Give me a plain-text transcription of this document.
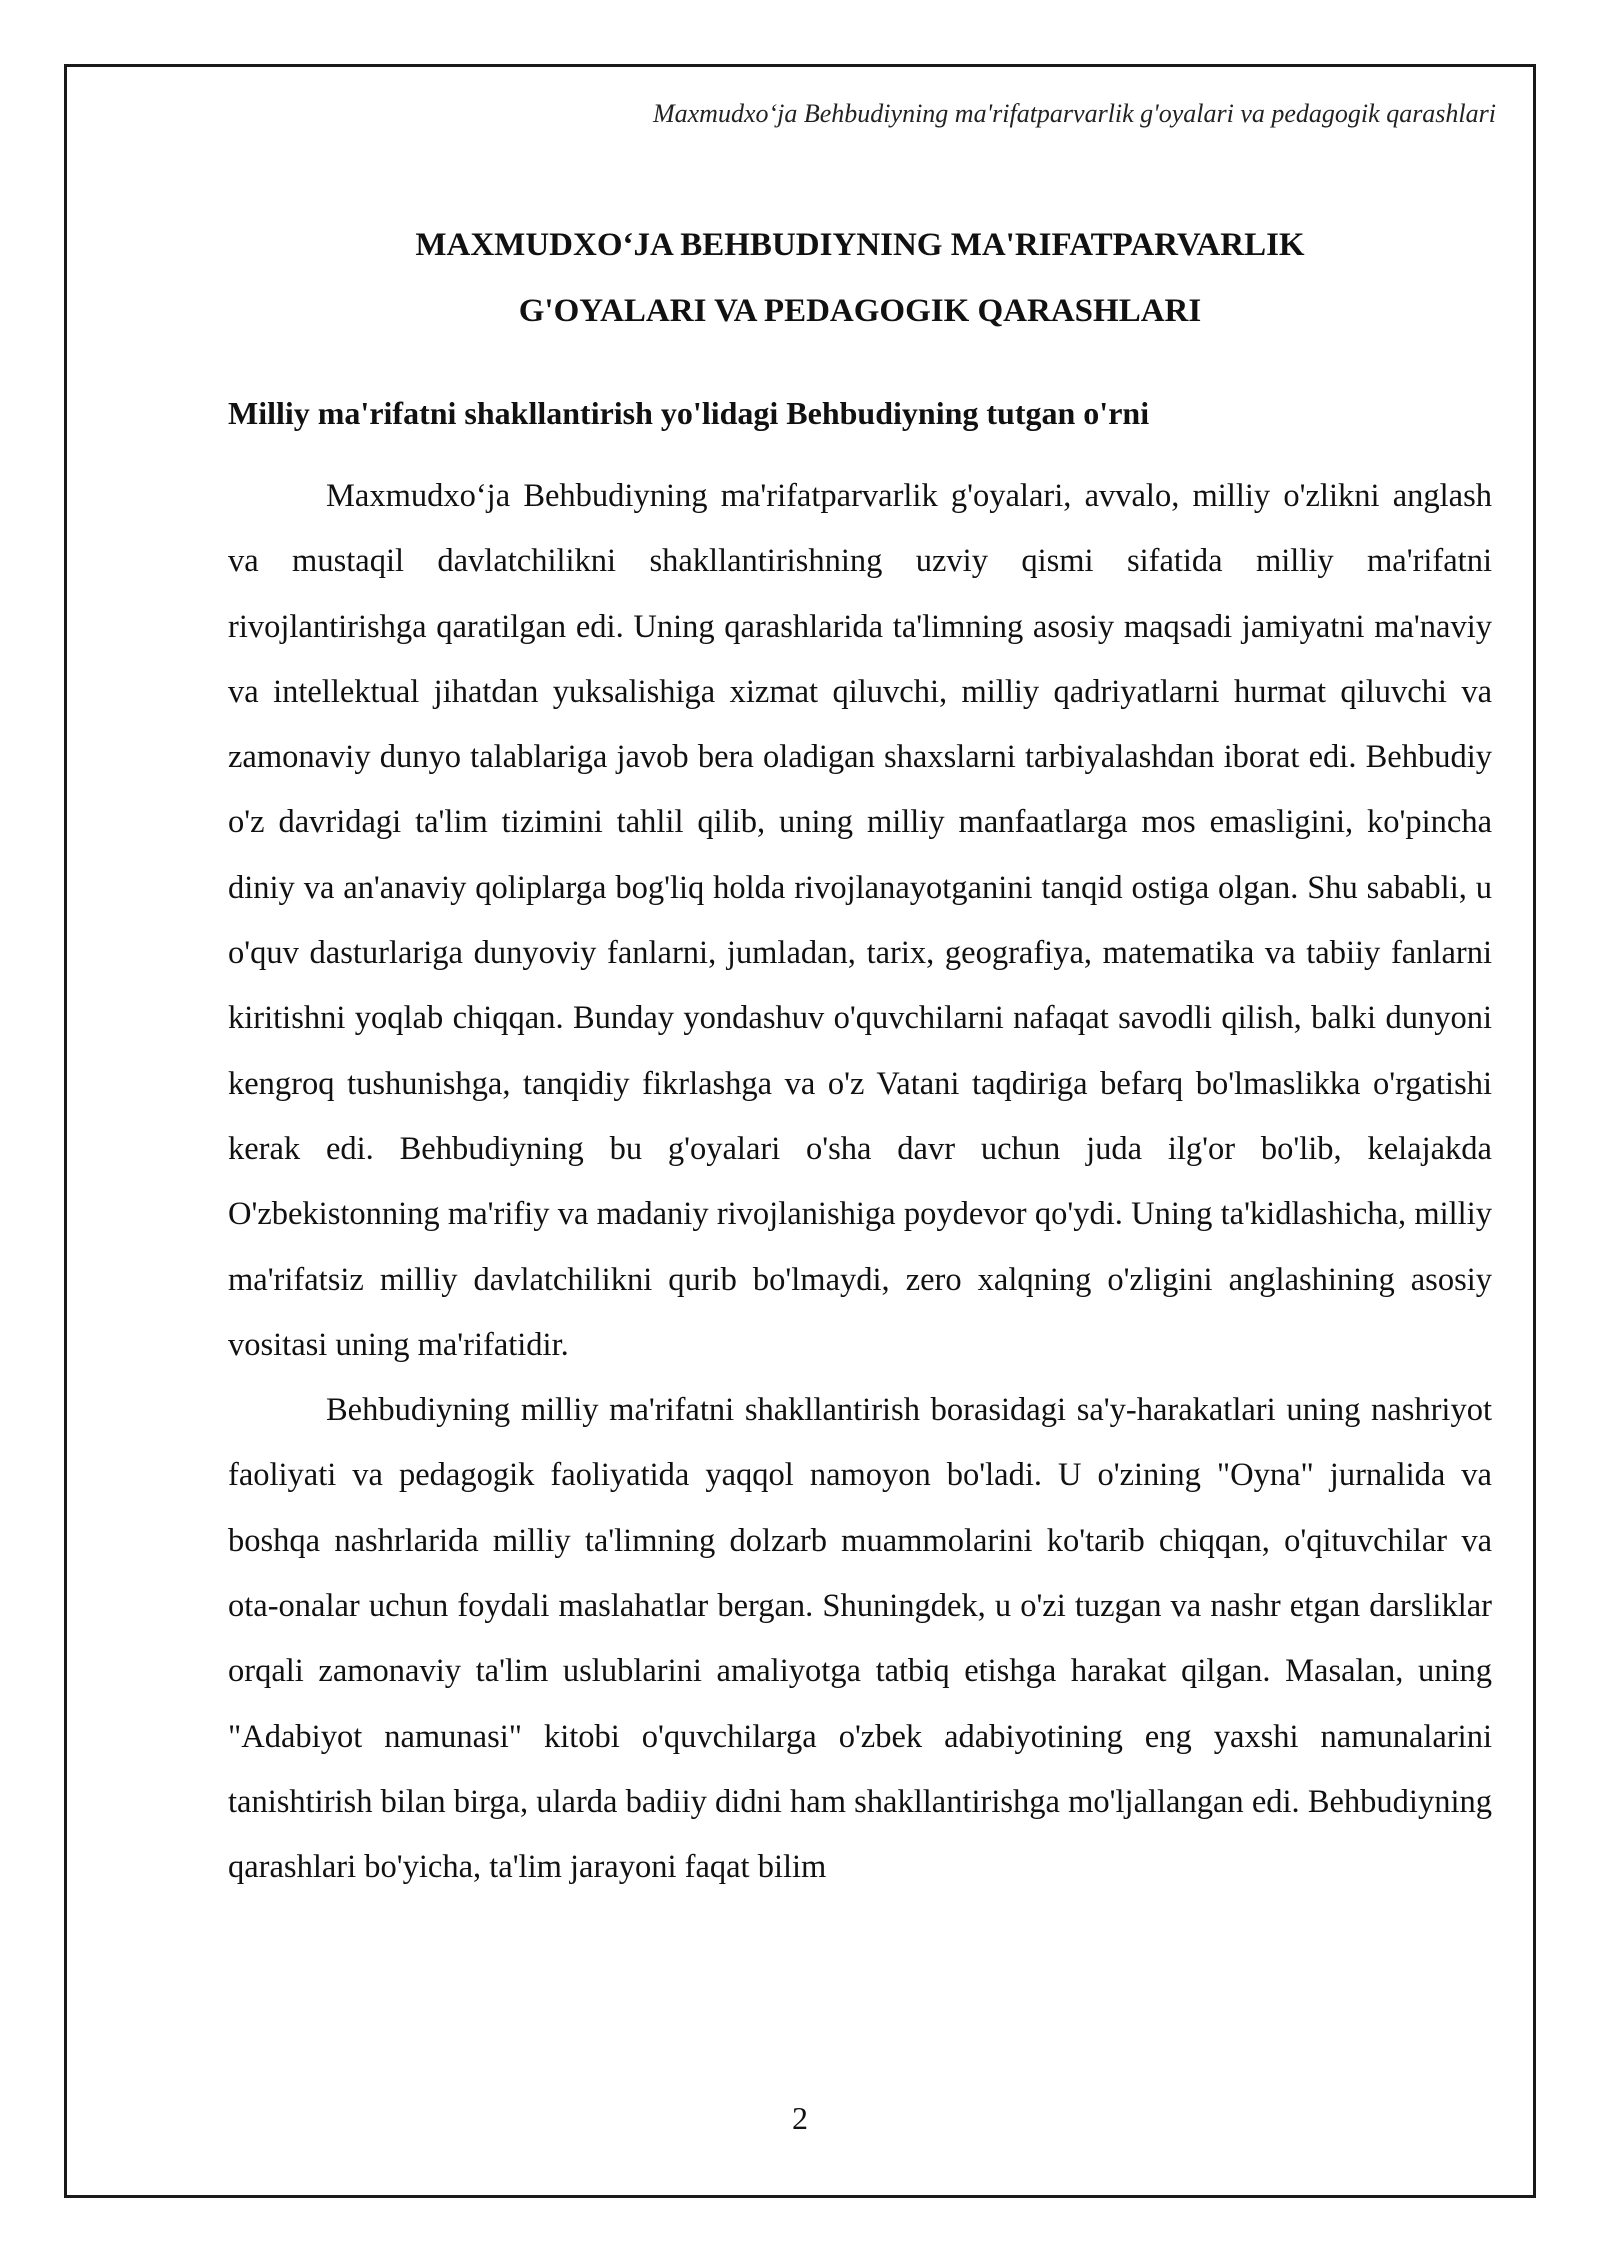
Maxmudxo‘ja Behbudiyning ma'rifatparvarlik g'oyalari va pedagogik qarashlari
MAXMUDXO‘JA BEHBUDIYNING MA'RIFATPARVARLIK
G'OYALARI VA PEDAGOGIK QARASHLARI
Milliy ma'rifatni shakllantirish yo'lidagi Behbudiyning tutgan o'rni

Maxmudxo‘ja Behbudiyning ma'rifatparvarlik g'oyalari, avvalo, milliy o'zlikni anglash va mustaqil davlatchilikni shakllantirishning uzviy qismi sifatida milliy ma'rifatni rivojlantirishga qaratilgan edi. Uning qarashlarida ta'limning asosiy maqsadi jamiyatni ma'naviy va intellektual jihatdan yuksalishiga xizmat qiluvchi, milliy qadriyatlarni hurmat qiluvchi va zamonaviy dunyo talablariga javob bera oladigan shaxslarni tarbiyalashdan iborat edi. Behbudiy o'z davridagi ta'lim tizimini tahlil qilib, uning milliy manfaatlarga mos emasligini, ko'pincha diniy va an'anaviy qoliplarga bog'liq holda rivojlanayotganini tanqid ostiga olgan. Shu sababli, u o'quv dasturlariga dunyoviy fanlarni, jumladan, tarix, geografiya, matematika va tabiiy fanlarni kiritishni yoqlab chiqqan. Bunday yondashuv o'quvchilarni nafaqat savodli qilish, balki dunyoni kengroq tushunishga, tanqidiy fikrlashga va o'z Vatani taqdiriga befarq bo'lmaslikka o'rgatishi kerak edi. Behbudiyning bu g'oyalari o'sha davr uchun juda ilg'or bo'lib, kelajakda O'zbekistonning ma'rifiy va madaniy rivojlanishiga poydevor qo'ydi. Uning ta'kidlashicha, milliy ma'rifatsiz milliy davlatchilikni qurib bo'lmaydi, zero xalqning o'zligini anglashining asosiy vositasi uning ma'rifatidir.

Behbudiyning milliy ma'rifatni shakllantirish borasidagi sa'y-harakatlari uning nashriyot faoliyati va pedagogik faoliyatida yaqqol namoyon bo'ladi. U o'zining "Oyna" jurnalida va boshqa nashrlarida milliy ta'limning dolzarb muammolarini ko'tarib chiqqan, o'qituvchilar va ota-onalar uchun foydali maslahatlar bergan. Shuningdek, u o'zi tuzgan va nashr etgan darsliklar orqali zamonaviy ta'lim uslublarini amaliyotga tatbiq etishga harakat qilgan. Masalan, uning "Adabiyot namunasi" kitobi o'quvchilarga o'zbek adabiyotining eng yaxshi namunalarini tanishtirish bilan birga, ularda badiiy didni ham shakllantirishga mo'ljallangan edi. Behbudiyning qarashlari bo'yicha, ta'lim jarayoni faqat bilim

2
